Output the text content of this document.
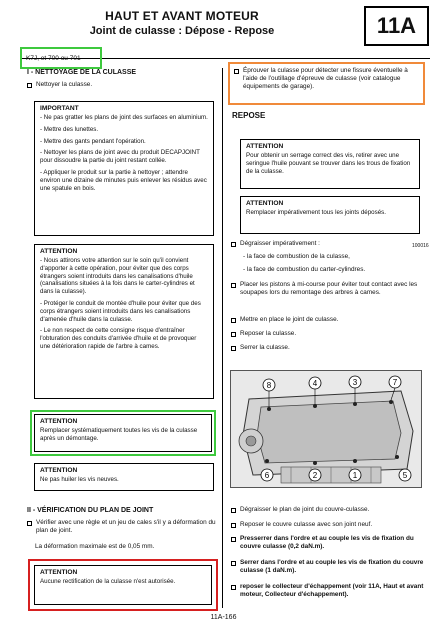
HAUT ET AVANT MOTEUR
Joint de culasse : Dépose - Repose	11A
K7J, et 700 ou 701
I - NETTOYAGE DE LA CULASSE
Nettoyer la culasse.
IMPORTANT

- Ne pas gratter les plans de joint des surfaces en aluminium.

- Mettre des lunettes.

- Mettre des gants pendant l'opération.

- Nettoyer les plans de joint avec du produit DECAPJOINT pour dissoudre la partie du joint restant collée.

- Appliquer le produit sur la partie à nettoyer ; attendre environ une dizaine de minutes puis enlever les résidus avec une spatule en bois.

ATTENTION

- Nous attirons votre attention sur le soin qu'il convient d'apporter à cette opération, pour éviter que des corps étrangers soient introduits dans les canalisations d'huile (canalisations situées à la fois dans le carter-cylindres et dans la culasse).

- Protéger le conduit de montée d'huile pour éviter que des corps étrangers soient introduits dans les canalisations d'amenée d'huile dans la culasse.

- Le non respect de cette consigne risque d'entraîner l'obturation des conduits d'arrivée d'huile et de provoquer une détérioration rapide de l'arbre à cames.

ATTENTION

Remplacer systématiquement toutes les vis de la culasse après un démontage.

ATTENTION

Ne pas huiler les vis neuves.

II - VÉRIFICATION DU PLAN DE JOINT
Vérifier avec une règle et un jeu de cales s'il y a déformation du plan de joint.
La déformation maximale est de 0,05 mm.
ATTENTION

Aucune rectification de la culasse n'est autorisée.

Éprouver la culasse pour détecter une fissure éventuelle à l'aide de l'outillage d'épreuve de culasse (voir catalogue équipements de garage).
REPOSE
ATTENTION

Pour obtenir un serrage correct des vis, retirer avec une seringue l'huile pouvant se trouver dans les trous de fixation de la culasse.

ATTENTION

Remplacer impérativement tous les joints déposés.

100016
Dégraisser impérativement :
- la face de combustion de la culasse,
- la face de combustion du carter-cylindres.
Placer les pistons à mi-course pour éviter tout contact avec les soupapes lors du remontage des arbres à cames.
Mettre en place le joint de culasse.
Reposer la culasse.
Serrer la culasse.
8	4	3	7
6	2	1	5
Dégraisser le plan de joint du couvre-culasse.
Reposer le couvre culasse avec son joint neuf.
Presserrer dans l'ordre et au couple les vis de fixation du couvre culasse (0,2 daN.m).
Serrer dans l'ordre et au couple les vis de fixation du couvre culasse (1 daN.m).
reposer le collecteur d'échappement (voir 11A, Haut et avant moteur, Collecteur d'échappement).
11A-166
